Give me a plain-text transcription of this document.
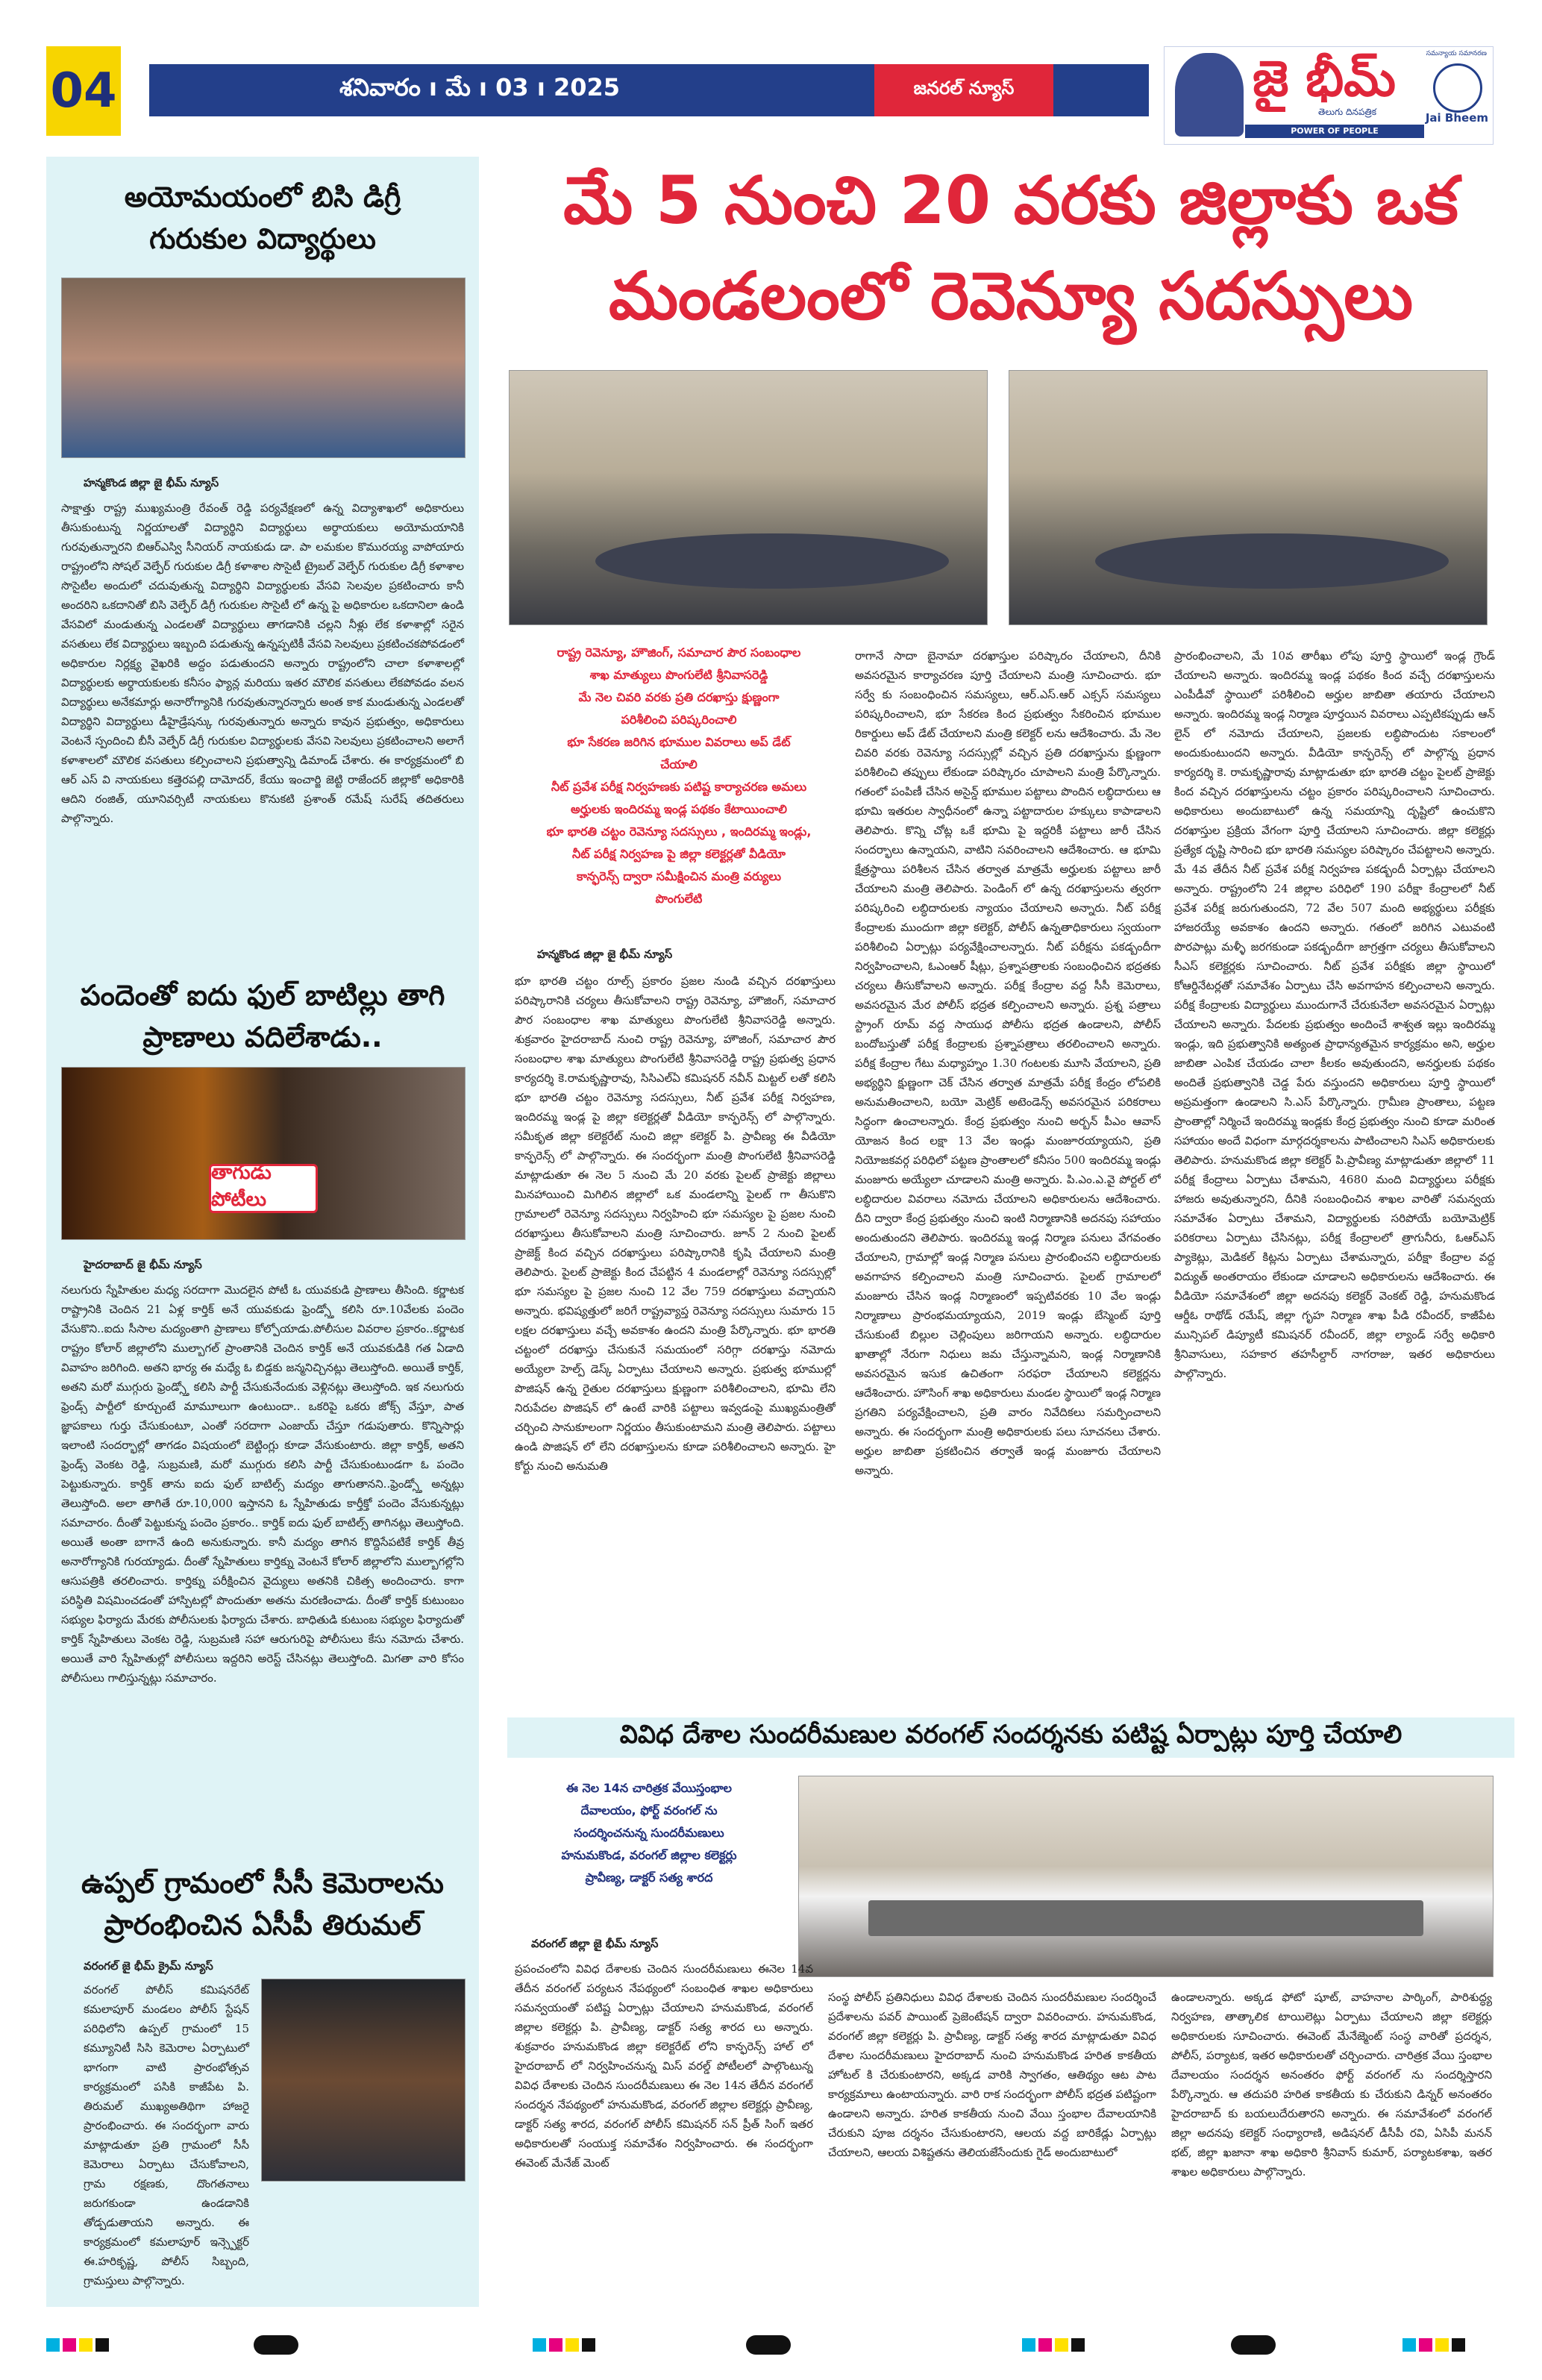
04	శనివారం ı మే ı 03 ı 2025	జనరల్ న్యూస్	జై భీమ్
తెలుగు దినపత్రిక
POWER OF PEOPLE
సమన్యాయ సమానరణ
Jai Bheem
అయోమయంలో బిసి డిగ్రీ
గురుకుల విద్యార్థులు
హన్మకొండ జిల్లా జై భీమ్ న్యూస్
సాక్షాత్తు రాష్ట్ర ముఖ్యమంత్రి రేవంత్ రెడ్డి పర్యవేక్షణలో ఉన్న విద్యాశాఖలో అధికారులు తీసుకుంటున్న నిర్ణయాలతో విద్యార్థిని విద్యార్థులు అర్థాయకులు అయోమయానికి గురవుతున్నారని బిఆర్ఎస్వి సీనియర్ నాయకుడు డా. పా లమకుల కొమురయ్య వాపోయారు రాష్ట్రంలోని సోషల్ వెల్ఫేర్ గురుకుల డిగ్రీ కళాశాల సొసైటీ ట్రైబల్ వెల్ఫేర్ గురుకుల డిగ్రీ కళాశాల సొసైటీల అందులో చదువుతున్న విద్యార్థిని విద్యార్థులకు వేసవి సెలవుల ప్రకటించారు కానీ అందరిని ఒకదానితో బిసి వెల్ఫేర్ డిగ్రీ గురుకుల సొసైటీ లో ఉన్న పై అధికారుల ఒకదానిలా ఉండి వేసవిలో మండుతున్న ఎండలతో విద్యార్థులు తాగడానికి చల్లని నీళ్లు లేక కళాశాల్లో సరైన వసతులు లేక విద్యార్థులు ఇబ్బంది పడుతున్న ఉన్నప్పటికీ వేసవి సెలవులు ప్రకటించకపోవడంలో అధికారుల నిర్లక్ష్య వైఖరికి అద్దం పడుతుందని అన్నారు రాష్ట్రంలోని చాలా కళాశాలల్లో విద్యార్థులకు అర్థాయకులకు కనీసం ఫ్యాన్ల మరియు ఇతర మౌలిక వసతులు లేకపోవడం వలన విద్యార్థులు అనేకమార్లు అనారోగ్యానికి గురవుతున్నారన్నారు అంత కాక మండుతున్న ఎండలతో విద్యార్థిని విద్యార్థులు డీహైడ్రేషన్కు గురవుతున్నారు అన్నారు కావున ప్రభుత్వం, అధికారులు వెంటనే స్పందించి బీసీ వెల్ఫేర్ డిగ్రీ గురుకుల విద్యార్థులకు వేసవి సెలవులు ప్రకటించాలని అలాగే కళాశాలలో మౌలిక వసతులు కల్పించాలని ప్రభుత్వాన్ని డిమాండ్ చేశారు. ఈ కార్యక్రమంలో బి ఆర్ ఎస్ వి నాయకులు కత్తెరపల్లి దామోదర్, కేయు ఇంచార్జి జెట్టి రాజేందర్ జిల్లాకో అధికారికి ఆదిని రంజిత్, యూనివర్సిటీ నాయకులు కొనుకటి ప్రశాంత్ రమేష్ సురేష్ తదితరులు పాల్గొన్నారు.
పందెంతో ఐదు ఫుల్ బాటిల్లు తాగి
ప్రాణాలు వదిలేశాడు..
తాగుడు పోటీలు
హైదరాబాద్ జై భీమ్ న్యూస్
నలుగురు స్నేహితుల మధ్య సరదాగా మొదలైన పోటీ ఓ యువకుడి ప్రాణాలు తీసింది. కర్ణాటక రాష్ట్రానికి చెందిన 21 ఏళ్ల కార్తిక్ అనే యువకుడు ఫ్రెండ్స్తో కలిసి రూ.10వేలకు పందెం వేసుకొని..ఐదు సీసాల మద్యంతాగి ప్రాణాలు కోల్పోయాడు.పోలీసుల వివరాల ప్రకారం..కర్ణాటక రాష్ట్రం కోలార్ జిల్లాలోని ముల్బాగల్ ప్రాంతానికి చెందిన కార్తిక్ అనే యువకుడికి గత ఏడాది వివాహం జరిగింది. అతని భార్య ఈ మధ్యే ఓ బిడ్డకు జన్మనిచ్చినట్లు తెలుస్తోంది. అయితే కార్తిక్, అతని మరో ముగ్గురు ఫ్రెండ్స్తో కలిసి పార్టీ చేసుకునేందుకు వెళ్లినట్లు తెలుస్తోంది. ఇక నలుగురు ఫ్రెండ్స్ పార్టీలో కూర్చుంటే మామూలుగా ఉంటుందా.. ఒకరిపై ఒకరు జోక్స్ వేస్తూ, పాత జ్ఞాపకాలు గుర్తు చేసుకుంటూ, ఎంతో సరదాగా ఎంజాయ్ చేస్తూ గడుపుతారు. కొన్నిసార్లు ఇలాంటి సందర్భాల్లో తాగడం విషయంలో బెట్టింగ్లు కూడా వేసుకుంటారు. జిల్లా కార్తిక్, అతని ఫ్రెండ్స్ వెంకట రెడ్డి, సుబ్రమణి, మరో ముగ్గురు కలిసి పార్టీ చేసుకుంటుండగా ఓ పందెం పెట్టుకున్నారు. కార్తిక్ తాను ఐదు ఫుల్ బాటిల్స్ మద్యం తాగుతానని..ఫ్రెండ్స్తో అన్నట్లు తెలుస్తోంది. అలా తాగితే రూ.10,000 ఇస్తానని ఓ స్నేహితుడు కార్తీక్తో పందెం వేసుకున్నట్లు సమాచారం. దీంతో పెట్టుకున్న పందెం ప్రకారం.. కార్తిక్ ఐదు ఫుల్ బాటిల్స్ తాగినట్లు తెలుస్తోంది. అయితే అంతా బాగానే ఉంది అనుకున్నారు. కానీ మద్యం తాగిన కొద్దిసేపటికే కార్తిక్ తీవ్ర అనారోగ్యానికి గురయ్యాడు. దీంతో స్నేహితులు కార్తిక్ను వెంటనే కోలార్ జిల్లాలోని ముల్బాగల్లోని ఆసుపత్రికి తరలించారు. కార్తిక్ను పరీక్షించిన వైద్యులు అతనికి చికిత్స అందించారు. కాగా పరిస్థితి విషమించడంతో హాస్పిటల్లో పొందుతూ అతను మరణించాడు. దీంతో కార్తిక్ కుటుంబం సభ్యుల ఫిర్యాదు మేరకు పోలీసులకు ఫిర్యాదు చేశారు. బాధితుడి కుటుంబ సభ్యుల ఫిర్యాదుతో కార్తిక్ స్నేహితులు వెంకట రెడ్డి, సుబ్రమణి సహా ఆరుగురిపై పోలీసులు కేసు నమోదు చేశారు. అయితే వారి స్నేహితుల్లో పోలీసులు ఇద్దరిని అరెస్ట్ చేసినట్లు తెలుస్తోంది. మిగతా వారి కోసం పోలీసులు గాలిస్తున్నట్లు సమాచారం.
ఉప్పల్ గ్రామంలో సీసీ కెమెరాలను
ప్రారంభించిన ఏసీపీ తిరుమల్
వరంగల్ జై భీమ్ క్రైమ్ న్యూస్
వరంగల్ పోలీస్ కమిషనరేట్ కమలాపూర్ మండలం పోలీస్ స్టేషన్ పరిధిలోని ఉప్పల్ గ్రామంలో 15 కమ్యూనిటీ సిసి కెమెరాల ఏర్పాటులో భాగంగా వాటి ప్రారంభోత్సవ కార్యక్రమంలో పసికి కాజీపేట పి. తిరుమల్ ముఖ్యఅతిథిగా హాజరై ప్రారంభించారు. ఈ సందర్భంగా వారు మాట్లాడుతూ ప్రతి గ్రామంలో సీసీ కెమెరాలు ఏర్పాటు చేసుకోవాలని, గ్రామ రక్షణకు, దొంగతనాలు జరుగకుండా ఉండడానికి తోడ్పడుతాయని అన్నారు. ఈ కార్యక్రమంలో కమలాపూర్ ఇన్స్పెక్టర్ ఈ.హరికృష్ణ, పోలీస్ సిబ్బంది, గ్రామస్తులు పాల్గొన్నారు.
మే 5 నుంచి 20 వరకు జిల్లాకు ఒక
మండలంలో రెవెన్యూ సదస్సులు
రాష్ట్ర రెవెన్యూ, హౌజింగ్, సమాచార పౌర సంబంధాల
శాఖ మాత్యులు పొంగులేటి శ్రీనివాసరెడ్డి
మే నెల చివరి వరకు ప్రతి దరఖాస్తు క్షుణ్ణంగా
పరిశీలించి పరిష్కరించాలి
భూ సేకరణ జరిగిన భూముల వివరాలు అప్ డేట్
చేయాలి
నీట్ ప్రవేశ పరీక్ష నిర్వహణకు పటిష్ట కార్యాచరణ అమలు
అర్హులకు ఇందిరమ్మ ఇండ్ల పథకం కేటాయించాలి
భూ భారతి చట్టం రెవెన్యూ సదస్సులు , ఇందిరమ్మ ఇండ్లు,
నీట్ పరీక్ష నిర్వహణ పై జిల్లా కలెక్టర్లతో వీడియో
కాన్ఫరెన్స్ ద్వారా సమీక్షించిన మంత్రి వర్యులు
పొంగులేటి
హన్మకొండ జిల్లా జై భీమ్ న్యూస్
భూ భారతి చట్టం రూల్స్ ప్రకారం ప్రజల నుండి వచ్చిన దరఖాస్తులు పరిష్కారానికి చర్యలు తీసుకోవాలని రాష్ట్ర రెవెన్యూ, హౌజింగ్, సమాచార పౌర సంబంధాల శాఖ మాత్యులు పొంగులేటి శ్రీనివాసరెడ్డి అన్నారు. శుక్రవారం హైదరాబాద్ నుంచి రాష్ట్ర రెవెన్యూ, హౌజింగ్, సమాచార పౌర సంబంధాల శాఖ మాత్యులు పొంగులేటి శ్రీనివాసరెడ్డి రాష్ట్ర ప్రభుత్వ ప్రధాన కార్యదర్శి కె.రామకృష్ణారావు, సిసిఎల్ఏ కమిషనర్ నవీన్ మిట్టల్ లతో కలిసి భూ భారతి చట్టం రెవెన్యూ సదస్సులు, నీట్ ప్రవేశ పరీక్ష నిర్వహణ, ఇందిరమ్మ ఇండ్ల పై జిల్లా కలెక్టర్లతో వీడియో కాన్ఫరెన్స్ లో పాల్గొన్నారు. సమీకృత జిల్లా కలెక్టరేట్ నుంచి జిల్లా కలెక్టర్ పి. ప్రావీణ్య ఈ వీడియో కాన్ఫరెన్స్ లో పాల్గొన్నారు. ఈ సందర్భంగా మంత్రి పొంగులేటి శ్రీనివాసరెడ్డి మాట్లాడుతూ ఈ నెల 5 నుంచి మే 20 వరకు పైలట్ ప్రాజెక్టు జిల్లాలు మినహాయించి మిగిలిన జిల్లాలో ఒక మండలాన్ని పైలట్ గా తీసుకొని గ్రామాలలో రెవెన్యూ సదస్సులు నిర్వహించి భూ సమస్యల పై ప్రజల నుంచి దరఖాస్తులు తీసుకోవాలని మంత్రి సూచించారు. జూన్ 2 నుంచి పైలట్ ప్రాజెక్ట్ కింద వచ్చిన దరఖాస్తులు పరిష్కారానికి కృషి చేయాలని మంత్రి తెలిపారు. పైలట్ ప్రాజెక్టు కింద చేపట్టిన 4 మండలాల్లో రెవెన్యూ సదస్సుల్లో భూ సమస్యల పై ప్రజల నుంచి 12 వేల 759 దరఖాస్తులు వచ్చాయని అన్నారు. భవిష్యత్తులో జరిగే రాష్ట్రవ్యాప్త రెవెన్యూ సదస్సులు సుమారు 15 లక్షల దరఖాస్తులు వచ్చే అవకాశం ఉందని మంత్రి పేర్కొన్నారు. భూ భారతి చట్టంలో దరఖాస్తు చేసుకునే సమయంలో సరిగ్గా దరఖాస్తు నమోదు అయ్యేలా హెల్ప్ డెస్క్ ఏర్పాటు చేయాలని అన్నారు. ప్రభుత్వ భూముల్లో పొజిషన్ ఉన్న రైతుల దరఖాస్తులు క్షుణ్ణంగా పరిశీలించాలని, భూమి లేని నిరుపేదల పొజిషన్ లో ఉంటే వారికి పట్టాలు ఇవ్వడంపై ముఖ్యమంత్రితో చర్చించి సానుకూలంగా నిర్ణయం తీసుకుంటామని మంత్రి తెలిపారు. పట్టాలు ఉండి పొజిషన్ లో లేని దరఖాస్తులను కూడా పరిశీలించాలని అన్నారు. హై కోర్టు నుంచి అనుమతి
రాగానే సాదా బైనామా దరఖాస్తుల పరిష్కారం చేయాలని, దీనికి అవసరమైన కార్యాచరణ పూర్తి చేయాలని మంత్రి సూచించారు. భూ సర్వే కు సంబంధించిన సమస్యలు, ఆర్.ఎస్.ఆర్ ఎక్సస్ సమస్యలు పరిష్కరించాలని, భూ సేకరణ కింద ప్రభుత్వం సేకరించిన భూముల రికార్డులు అప్ డేట్ చేయాలని మంత్రి కలెక్టర్ లను ఆదేశించారు. మే నెల చివరి వరకు రెవెన్యూ సదస్సుల్లో వచ్చిన ప్రతి దరఖాస్తును క్షుణ్ణంగా పరిశీలించి తప్పులు లేకుండా పరిష్కారం చూపాలని మంత్రి పేర్కొన్నారు. గతంలో పంపిణీ చేసిన అసైన్డ్ భూముల పట్టాలు పొందిన లబ్ధిదారులు ఆ భూమి ఇతరుల స్వాధీనంలో ఉన్నా పట్టాదారుల హక్కులు కాపాడాలని తెలిపారు. కొన్ని చోట్ల ఒకే భూమి పై ఇద్దరికీ పట్టాలు జారీ చేసిన సందర్భాలు ఉన్నాయని, వాటిని సవరించాలని ఆదేశించారు. ఆ భూమి క్షేత్రస్థాయి పరిశీలన చేసిన తర్వాత మాత్రమే అర్హులకు పట్టాలు జారీ చేయాలని మంత్రి తెలిపారు. పెండింగ్ లో ఉన్న దరఖాస్తులను త్వరగా పరిష్కరించి లబ్ధిదారులకు న్యాయం చేయాలని అన్నారు. నీట్ పరీక్ష కేంద్రాలకు ముందుగా జిల్లా కలెక్టర్, పోలీస్ ఉన్నతాధికారులు స్వయంగా పరిశీలించి ఏర్పాట్లు పర్యవేక్షించాలన్నారు. నీట్ పరీక్షను పకడ్బందీగా నిర్వహించాలని, ఓఎంఆర్ షీట్లు, ప్రశ్నాపత్రాలకు సంబంధించిన భద్రతకు చర్యలు తీసుకోవాలని అన్నారు. పరీక్ష కేంద్రాల వద్ద సీసీ కెమెరాలు, అవసరమైన మేర పోలీస్ భద్రత కల్పించాలని అన్నారు. ప్రశ్న పత్రాలు స్ట్రాంగ్ రూమ్ వద్ద సాయుధ పోలీసు భద్రత ఉండాలని, పోలీస్ బందోబస్తుతో పరీక్ష కేంద్రాలకు ప్రశ్నాపత్రాలు తరలించాలని అన్నారు. పరీక్ష కేంద్రాల గేటు మధ్యాహ్నం 1.30 గంటలకు మూసి వేయాలని, ప్రతి అభ్యర్థిని క్షుణ్ణంగా చెక్ చేసిన తర్వాత మాత్రమే పరీక్ష కేంద్రం లోపలికి అనుమతించాలని, బయో మెట్రిక్ అటెండెన్స్ అవసరమైన పరికరాలు సిద్ధంగా ఉంచాలన్నారు. కేంద్ర ప్రభుత్వం నుంచి అర్బన్ పీఎం ఆవాస్ యోజన కింద లక్షా 13 వేల ఇండ్లు మంజూరయ్యాయని, ప్రతి నియోజకవర్గ పరిధిలో పట్టణ ప్రాంతాలలో కనీసం 500 ఇందిరమ్మ ఇండ్లు మంజూరు అయ్యేలా చూడాలని మంత్రి అన్నారు. పి.ఎం.ఎ.వై పోర్టల్ లో లబ్ధిదారుల వివరాలు నమోదు చేయాలని అధికారులను ఆదేశించారు. దీని ద్వారా కేంద్ర ప్రభుత్వం నుంచి ఇంటి నిర్మాణానికి అదనపు సహాయం అందుతుందని తెలిపారు. ఇందిరమ్మ ఇండ్ల నిర్మాణ పనులు వేగవంతం చేయాలని, గ్రామాల్లో ఇండ్ల నిర్మాణ పనులు ప్రారంభించని లబ్ధిదారులకు అవగాహన కల్పించాలని మంత్రి సూచించారు. పైలట్ గ్రామాలలో మంజూరు చేసిన ఇండ్ల నిర్మాణంలో ఇప్పటివరకు 10 వేల ఇండ్లు నిర్మాణాలు ప్రారంభమయ్యాయని, 2019 ఇండ్లు బేస్మెంట్ పూర్తి చేసుకుంటే బిల్లుల చెల్లింపులు జరిగాయని అన్నారు. లబ్ధిదారుల ఖాతాల్లో నేరుగా నిధులు జమ చేస్తున్నామని, ఇండ్ల నిర్మాణానికి అవసరమైన ఇసుక ఉచితంగా సరఫరా చేయాలని కలెక్టర్లను ఆదేశించారు. హౌసింగ్ శాఖ అధికారులు మండల స్థాయిలో ఇండ్ల నిర్మాణ ప్రగతిని పర్యవేక్షించాలని, ప్రతి వారం నివేదికలు సమర్పించాలని అన్నారు. ఈ సందర్భంగా మంత్రి అధికారులకు పలు సూచనలు చేశారు. అర్హుల జాబితా ప్రకటించిన తర్వాతే ఇండ్ల మంజూరు చేయాలని అన్నారు.
ప్రారంభించాలని, మే 10వ తారీఖు లోపు పూర్తి స్థాయిలో ఇండ్ల గ్రౌండ్ చేయాలని అన్నారు. ఇందిరమ్మ ఇండ్ల పథకం కింద వచ్చే దరఖాస్తులను ఎంపీడీవో స్థాయిలో పరిశీలించి అర్హుల జాబితా తయారు చేయాలని అన్నారు. ఇందిరమ్మ ఇండ్ల నిర్మాణ పూర్తయిన వివరాలు ఎప్పటికప్పుడు ఆన్ లైన్ లో నమోదు చేయాలని, ప్రజలకు లబ్ధిపొందుట సకాలంలో అందుకుంటుందని అన్నారు. వీడియో కాన్ఫరెన్స్ లో పాల్గొన్న ప్రధాన కార్యదర్శి కె. రామకృష్ణారావు మాట్లాడుతూ భూ భారతి చట్టం పైలట్ ప్రాజెక్టు కింద వచ్చిన దరఖాస్తులను చట్టం ప్రకారం పరిష్కరించాలని సూచించారు. అధికారులు అందుబాటులో ఉన్న సమయాన్ని దృష్టిలో ఉంచుకొని దరఖాస్తుల ప్రక్రియ వేగంగా పూర్తి చేయాలని సూచించారు. జిల్లా కలెక్టర్లు ప్రత్యేక దృష్టి సారించి భూ భారతి సమస్యల పరిష్కారం చేపట్టాలని అన్నారు. మే 4వ తేదీన నీట్ ప్రవేశ పరీక్ష నిర్వహణ పకడ్బందీ ఏర్పాట్లు చేయాలని అన్నారు. రాష్ట్రంలోని 24 జిల్లాల పరిధిలో 190 పరీక్షా కేంద్రాలలో నీట్ ప్రవేశ పరీక్ష జరుగుతుందని, 72 వేల 507 మంది అభ్యర్థులు పరీక్షకు హాజరయ్యే అవకాశం ఉందని అన్నారు. గతంలో జరిగిన ఎటువంటి పొరపాట్లు మళ్ళీ జరగకుండా పకడ్బందీగా జాగ్రత్తగా చర్యలు తీసుకోవాలని సీఎస్ కలెక్టర్లకు సూచించారు. నీట్ ప్రవేశ పరీక్షకు జిల్లా స్థాయిలో కోఆర్డినేటర్లతో సమావేశం ఏర్పాటు చేసి అవగాహన కల్పించాలని అన్నారు. పరీక్ష కేంద్రాలకు విద్యార్థులు ముందుగానే చేరుకునేలా అవసరమైన ఏర్పాట్లు చేయాలని అన్నారు. పేదలకు ప్రభుత్వం అందించే శాశ్వత ఇల్లు ఇందిరమ్మ ఇండ్లు, ఇది ప్రభుత్వానికి అత్యంత ప్రాధాన్యతమైన కార్యక్రమం అని, అర్హుల జాబితా ఎంపిక చేయడం చాలా కీలకం అవుతుందని, అనర్హులకు పథకం అందితే ప్రభుత్వానికి చెడ్డ పేరు వస్తుందని అధికారులు పూర్తి స్థాయిలో అప్రమత్తంగా ఉండాలని సి.ఎస్ పేర్కొన్నారు. గ్రామీణ ప్రాంతాలు, పట్టణ ప్రాంతాల్లో నిర్మించే ఇందిరమ్మ ఇండ్లకు కేంద్ర ప్రభుత్వం నుంచి కూడా మరింత సహాయం అందే విధంగా మార్గదర్శకాలను పాటించాలని సిఎస్ అధికారులకు తెలిపారు. హనుమకొండ జిల్లా కలెక్టర్ పి.ప్రావీణ్య మాట్లాడుతూ జిల్లాలో 11 పరీక్ష కేంద్రాలు ఏర్పాటు చేశామని, 4680 మంది విద్యార్థులు పరీక్షకు హాజరు అవుతున్నారని, దీనికి సంబంధించిన శాఖల వారితో సమన్వయ సమావేశం ఏర్పాటు చేశామని, విద్యార్థులకు సరిపోయే బయోమెట్రిక్ పరికరాలు ఏర్పాటు చేసినట్లు, పరీక్ష కేంద్రాలలో త్రాగునీరు, ఓఆర్ఎస్ ప్యాకెట్లు, మెడికల్ కిట్లను ఏర్పాటు చేశామన్నారు, పరీక్షా కేంద్రాల వద్ద విద్యుత్ అంతరాయం లేకుండా చూడాలని అధికారులను ఆదేశించారు. ఈ వీడియో సమావేశంలో జిల్లా అదనపు కలెక్టర్ వెంకట్ రెడ్డి, హనుమకొండ ఆర్డీఓ రాథోడ్ రమేష్, జిల్లా గృహ నిర్మాణ శాఖ పీడి రవీందర్, కాజీపేట మున్సిపల్ డిప్యూటీ కమిషనర్ రవీందర్, జిల్లా ల్యాండ్ సర్వే అధికారి శ్రీనివాసులు, సహకార తహసీల్దార్ నాగరాజు, ఇతర అధికారులు పాల్గొన్నారు.
వివిధ దేశాల సుందరీమణుల వరంగల్ సందర్శనకు పటిష్ట ఏర్పాట్లు పూర్తి చేయాలి
ఈ నెల 14న చారిత్రక వేయిస్తంభాల
దేవాలయం, ఫోర్ట్ వరంగల్ ను
సందర్శించనున్న సుందరీమణులు
హనుమకొండ, వరంగల్ జిల్లాల కలెక్టర్లు
ప్రావీణ్య, డాక్టర్ సత్య శారద
వరంగల్ జిల్లా జై భీమ్ న్యూస్
ప్రపంచంలోని వివిధ దేశాలకు చెందిన సుందరీమణులు ఈనెల 14వ తేదీన వరంగల్ పర్యటన నేపథ్యంలో సంబంధిత శాఖల అధికారులు సమన్వయంతో పటిష్ట ఏర్పాట్లు చేయాలని హనుమకొండ, వరంగల్ జిల్లాల కలెక్టర్లు పి. ప్రావీణ్య, డాక్టర్ సత్య శారద లు అన్నారు. శుక్రవారం హనుమకొండ జిల్లా కలెక్టరేట్ లోని కాన్ఫరెన్స్ హాల్ లో హైదరాబాద్ లో నిర్వహించనున్న మిస్ వరల్డ్ పోటీలలో పాల్గొంటున్న వివిధ దేశాలకు చెందిన సుందరీమణులు ఈ నెల 14న తేదీన వరంగల్ సందర్శన నేపథ్యంలో హనుమకొండ, వరంగల్ జిల్లాల కలెక్టర్లు ప్రావీణ్య, డాక్టర్ సత్య శారద, వరంగల్ పోలీస్ కమిషనర్ సన్ ప్రీత్ సింగ్ ఇతర అధికారులతో సంయుక్త సమావేశం నిర్వహించారు. ఈ సందర్భంగా ఈవెంట్ మేనేజ్ మెంట్
సంస్థ పోలీస్ ప్రతినిధులు వివిధ దేశాలకు చెందిన సుందరీమణుల సందర్శించే ప్రదేశాలను పవర్ పాయింట్ ప్రెజెంటేషన్ ద్వారా వివరించారు. హనుమకొండ, వరంగల్ జిల్లా కలెక్టర్లు పి. ప్రావీణ్య, డాక్టర్ సత్య శారద మాట్లాడుతూ వివిధ దేశాల సుందరీమణులు హైదరాబాద్ నుంచి హనుమకొండ హరిత కాకతీయ హోటల్ కి చేరుకుంటారని, అక్కడ వారికి స్వాగతం, ఆతిథ్యం ఆట పాట కార్యక్రమాలు ఉంటాయన్నారు. వారి రాక సందర్భంగా పోలీస్ భద్రత పటిష్టంగా ఉండాలని అన్నారు. హరిత కాకతీయ నుంచి వేయి స్తంభాల దేవాలయానికి చేరుకుని పూజ దర్శనం చేసుకుంటారని, ఆలయ వద్ద బారికేడ్లు ఏర్పాట్లు చేయాలని, ఆలయ విశిష్టతను తెలియజేసేందుకు గైడ్ అందుబాటులో
ఉండాలన్నారు. అక్కడ ఫోటో షూట్, వాహనాల పార్కింగ్, పారిశుద్ధ్య నిర్వహణ, తాత్కాలిక టాయిలెట్లు ఏర్పాటు చేయాలని జిల్లా కలెక్టర్లు అధికారులకు సూచించారు. ఈవెంట్ మేనేజ్మెంట్ సంస్థ వారితో ప్రదర్శన, పోలీస్, పర్యాటక, ఇతర అధికారులతో చర్చించారు. చారిత్రక వేయి స్తంభాల దేవాలయం సందర్శన అనంతరం ఫోర్ట్ వరంగల్ ను సందర్శిస్తారని పేర్కొన్నారు. ఆ తదుపరి హరిత కాకతీయ కు చేరుకుని డిన్నర్ అనంతరం హైదరాబాద్ కు బయలుదేరుతారని అన్నారు. ఈ సమావేశంలో వరంగల్ జిల్లా అదనపు కలెక్టర్ సంధ్యారాణి, అడిషనల్ డీసీపీ రవి, ఏసిపీ మనన్ భట్, జిల్లా ఖజానా శాఖ అధికారి శ్రీనివాస్ కుమార్, పర్యాటకశాఖ, ఇతర శాఖల అధికారులు పాల్గొన్నారు.
